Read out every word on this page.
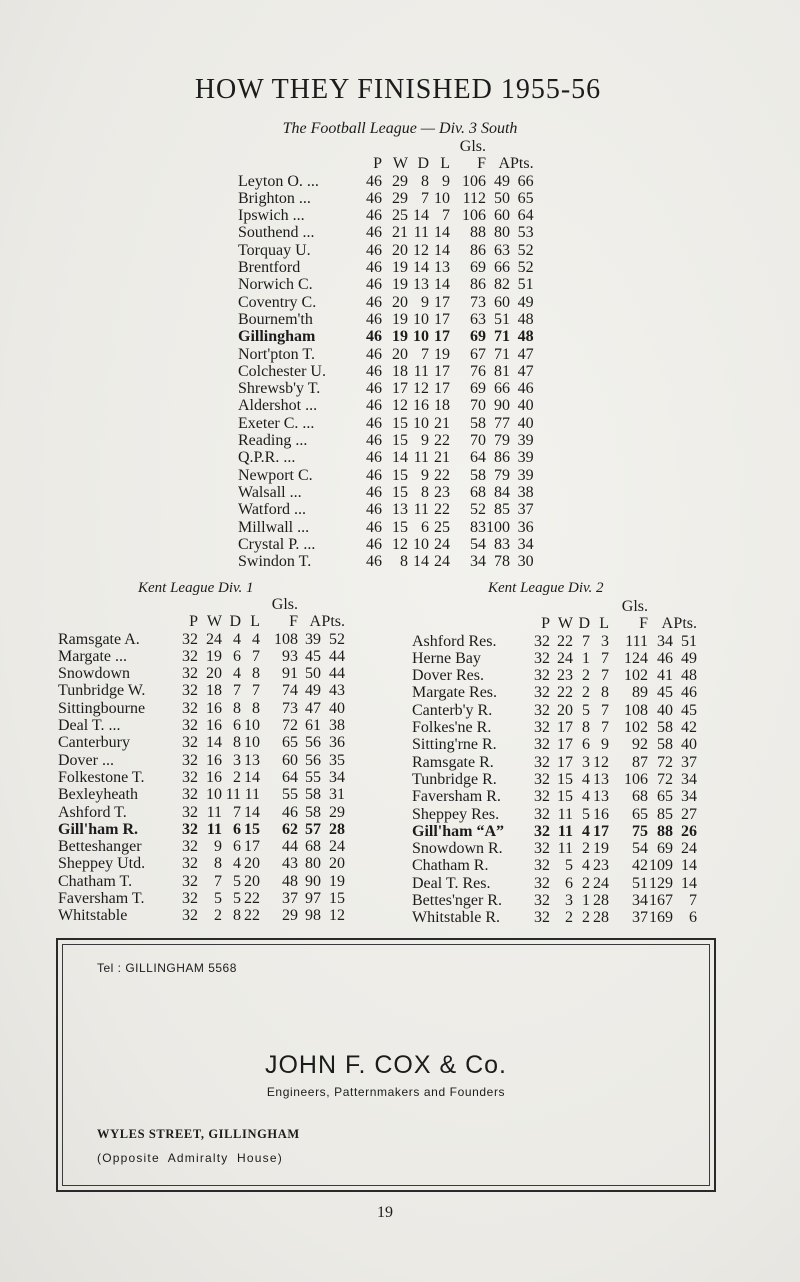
HOW THEY FINISHED 1955-56
The Football League — Div. 3 South
					Gls.		
	P	W	D	L	F	A	Pts.
Leyton O. ...	46	29	8	9	106	49	66
Brighton ...	46	29	7	10	112	50	65
Ipswich ...	46	25	14	7	106	60	64
Southend ...	46	21	11	14	88	80	53
Torquay U.	46	20	12	14	86	63	52
Brentford	46	19	14	13	69	66	52
Norwich C.	46	19	13	14	86	82	51
Coventry C.	46	20	9	17	73	60	49
Bournem'th	46	19	10	17	63	51	48
Gillingham	46	19	10	17	69	71	48
Nort'pton T.	46	20	7	19	67	71	47
Colchester U.	46	18	11	17	76	81	47
Shrewsb'y T.	46	17	12	17	69	66	46
Aldershot ...	46	12	16	18	70	90	40
Exeter C. ...	46	15	10	21	58	77	40
Reading ...	46	15	9	22	70	79	39
Q.P.R. ...	46	14	11	21	64	86	39
Newport C.	46	15	9	22	58	79	39
Walsall ...	46	15	8	23	68	84	38
Watford ...	46	13	11	22	52	85	37
Millwall ...	46	15	6	25	83	100	36
Crystal P. ...	46	12	10	24	54	83	34
Swindon T.	46	8	14	24	34	78	30
Kent League Div. 1	Kent League Div. 2
					Gls.		
	P	W	D	L	F	A	Pts.
Ramsgate A.	32	24	4	4	108	39	52
Margate ...	32	19	6	7	93	45	44
Snowdown	32	20	4	8	91	50	44
Tunbridge W.	32	18	7	7	74	49	43
Sittingbourne	32	16	8	8	73	47	40
Deal T. ...	32	16	6	10	72	61	38
Canterbury	32	14	8	10	65	56	36
Dover ...	32	16	3	13	60	56	35
Folkestone T.	32	16	2	14	64	55	34
Bexleyheath	32	10	11	11	55	58	31
Ashford T.	32	11	7	14	46	58	29
Gill'ham R.	32	11	6	15	62	57	28
Betteshanger	32	9	6	17	44	68	24
Sheppey Utd.	32	8	4	20	43	80	20
Chatham T.	32	7	5	20	48	90	19
Faversham T.	32	5	5	22	37	97	15
Whitstable	32	2	8	22	29	98	12
					Gls.		
	P	W	D	L	F	A	Pts.
Ashford Res.	32	22	7	3	111	34	51
Herne Bay	32	24	1	7	124	46	49
Dover Res.	32	23	2	7	102	41	48
Margate Res.	32	22	2	8	89	45	46
Canterb'y R.	32	20	5	7	108	40	45
Folkes'ne R.	32	17	8	7	102	58	42
Sitting'rne R.	32	17	6	9	92	58	40
Ramsgate R.	32	17	3	12	87	72	37
Tunbridge R.	32	15	4	13	106	72	34
Faversham R.	32	15	4	13	68	65	34
Sheppey Res.	32	11	5	16	65	85	27
Gill'ham “A”	32	11	4	17	75	88	26
Snowdown R.	32	11	2	19	54	69	24
Chatham R.	32	5	4	23	42	109	14
Deal T. Res.	32	6	2	24	51	129	14
Bettes'nger R.	32	3	1	28	34	167	7
Whitstable R.	32	2	2	28	37	169	6
Tel : GILLINGHAM 5568
JOHN F. COX & Co.
Engineers, Patternmakers and Founders
WYLES STREET, GILLINGHAM
(Opposite Admiralty House)
19
